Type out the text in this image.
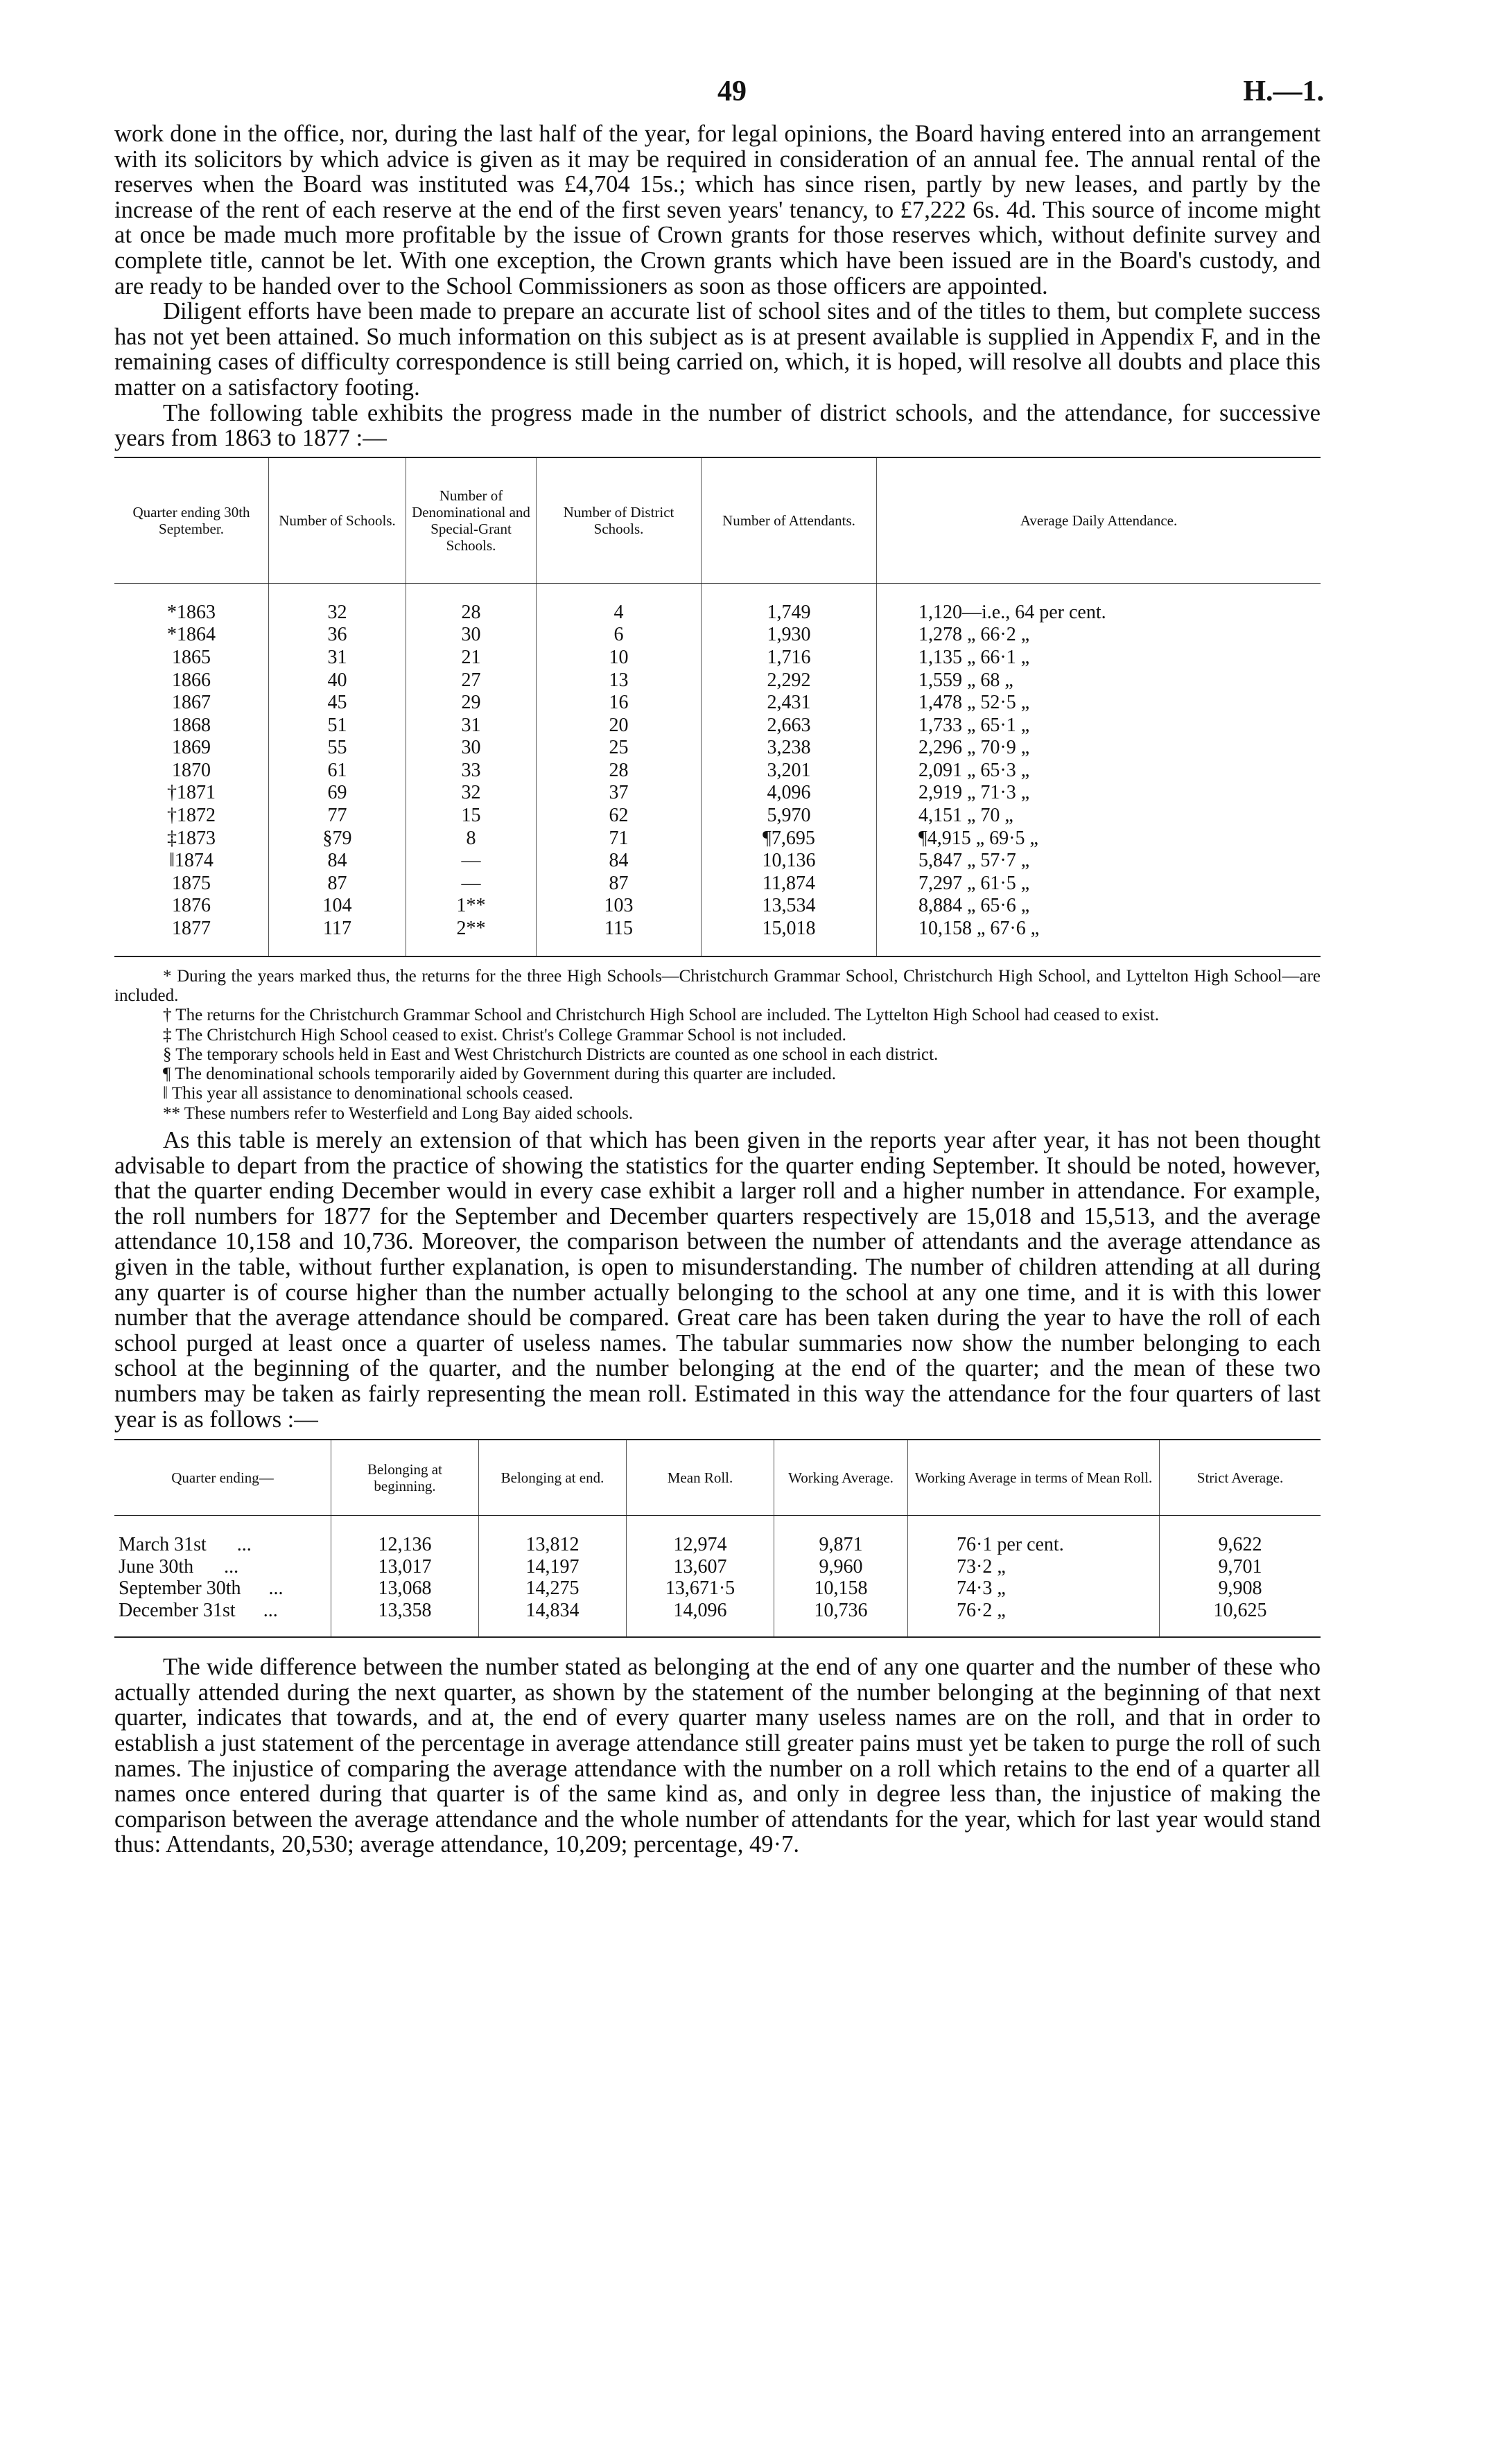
49	H.—1.

work done in the office, nor, during the last half of the year, for legal opinions, the Board having entered into an arrangement with its solicitors by which advice is given as it may be required in consideration of an annual fee. The annual rental of the reserves when the Board was instituted was £4,704 15s.; which has since risen, partly by new leases, and partly by the increase of the rent of each reserve at the end of the first seven years' tenancy, to £7,222 6s. 4d. This source of income might at once be made much more profitable by the issue of Crown grants for those reserves which, without definite survey and complete title, cannot be let. With one exception, the Crown grants which have been issued are in the Board's custody, and are ready to be handed over to the School Commissioners as soon as those officers are appointed.

Diligent efforts have been made to prepare an accurate list of school sites and of the titles to them, but complete success has not yet been attained. So much information on this subject as is at present available is supplied in Appendix F, and in the remaining cases of difficulty correspondence is still being carried on, which, it is hoped, will resolve all doubts and place this matter on a satisfactory footing.

The following table exhibits the progress made in the number of district schools, and the attendance, for successive years from 1863 to 1877 :—

Quarter ending 30th September.	Number of Schools.	Number of Denominational and Special-Grant Schools.	Number of District Schools.	Number of Attendants.	Average Daily Attendance.

*1863	32	28	4	1,749	1,120—i.e., 64 per cent.
*1864	36	30	6	1,930	1,278 „ 66·2 „
1865	31	21	10	1,716	1,135 „ 66·1 „
1866	40	27	13	2,292	1,559 „ 68 „
1867	45	29	16	2,431	1,478 „ 52·5 „
1868	51	31	20	2,663	1,733 „ 65·1 „
1869	55	30	25	3,238	2,296 „ 70·9 „
1870	61	33	28	3,201	2,091 „ 65·3 „
†1871	69	32	37	4,096	2,919 „ 71·3 „
†1872	77	15	62	5,970	4,151 „ 70 „
‡1873	§79	8	71	¶7,695	¶4,915 „ 69·5 „
‖1874	84	—	84	10,136	5,847 „ 57·7 „
1875	87	—	87	11,874	7,297 „ 61·5 „
1876	104	1**	103	13,534	8,884 „ 65·6 „
1877	117	2**	115	15,018	10,158 „ 67·6 „

* During the years marked thus, the returns for the three High Schools—Christchurch Grammar School, Christchurch High School, and Lyttelton High School—are included.
† The returns for the Christchurch Grammar School and Christchurch High School are included. The Lyttelton High School had ceased to exist.
‡ The Christchurch High School ceased to exist. Christ's College Grammar School is not included.
§ The temporary schools held in East and West Christchurch Districts are counted as one school in each district.
¶ The denominational schools temporarily aided by Government during this quarter are included.
‖ This year all assistance to denominational schools ceased.
** These numbers refer to Westerfield and Long Bay aided schools.

As this table is merely an extension of that which has been given in the reports year after year, it has not been thought advisable to depart from the practice of showing the statistics for the quarter ending September. It should be noted, however, that the quarter ending December would in every case exhibit a larger roll and a higher number in attendance. For example, the roll numbers for 1877 for the September and December quarters respectively are 15,018 and 15,513, and the average attendance 10,158 and 10,736. Moreover, the comparison between the number of attendants and the average attendance as given in the table, without further explanation, is open to misunderstanding. The number of children attending at all during any quarter is of course higher than the number actually belonging to the school at any one time, and it is with this lower number that the average attendance should be compared. Great care has been taken during the year to have the roll of each school purged at least once a quarter of useless names. The tabular summaries now show the number belonging to each school at the beginning of the quarter, and the number belonging at the end of the quarter; and the mean of these two numbers may be taken as fairly representing the mean roll. Estimated in this way the attendance for the four quarters of last year is as follows :—

Quarter ending—	Belonging at beginning.	Belonging at end.	Mean Roll.	Working Average.	Working Average in terms of Mean Roll.	Strict Average.

March 31st ...	12,136	13,812	12,974	9,871	76·1 per cent.	9,622
June 30th ...	13,017	14,197	13,607	9,960	73·2 „	9,701
September 30th ...	13,068	14,275	13,671·5	10,158	74·3 „	9,908
December 31st ...	13,358	14,834	14,096	10,736	76·2 „	10,625

The wide difference between the number stated as belonging at the end of any one quarter and the number of these who actually attended during the next quarter, as shown by the statement of the number belonging at the beginning of that next quarter, indicates that towards, and at, the end of every quarter many useless names are on the roll, and that in order to establish a just statement of the percentage in average attendance still greater pains must yet be taken to purge the roll of such names. The injustice of comparing the average attendance with the number on a roll which retains to the end of a quarter all names once entered during that quarter is of the same kind as, and only in degree less than, the injustice of making the comparison between the average attendance and the whole number of attendants for the year, which for last year would stand thus: Attendants, 20,530; average attendance, 10,209; percentage, 49·7.
